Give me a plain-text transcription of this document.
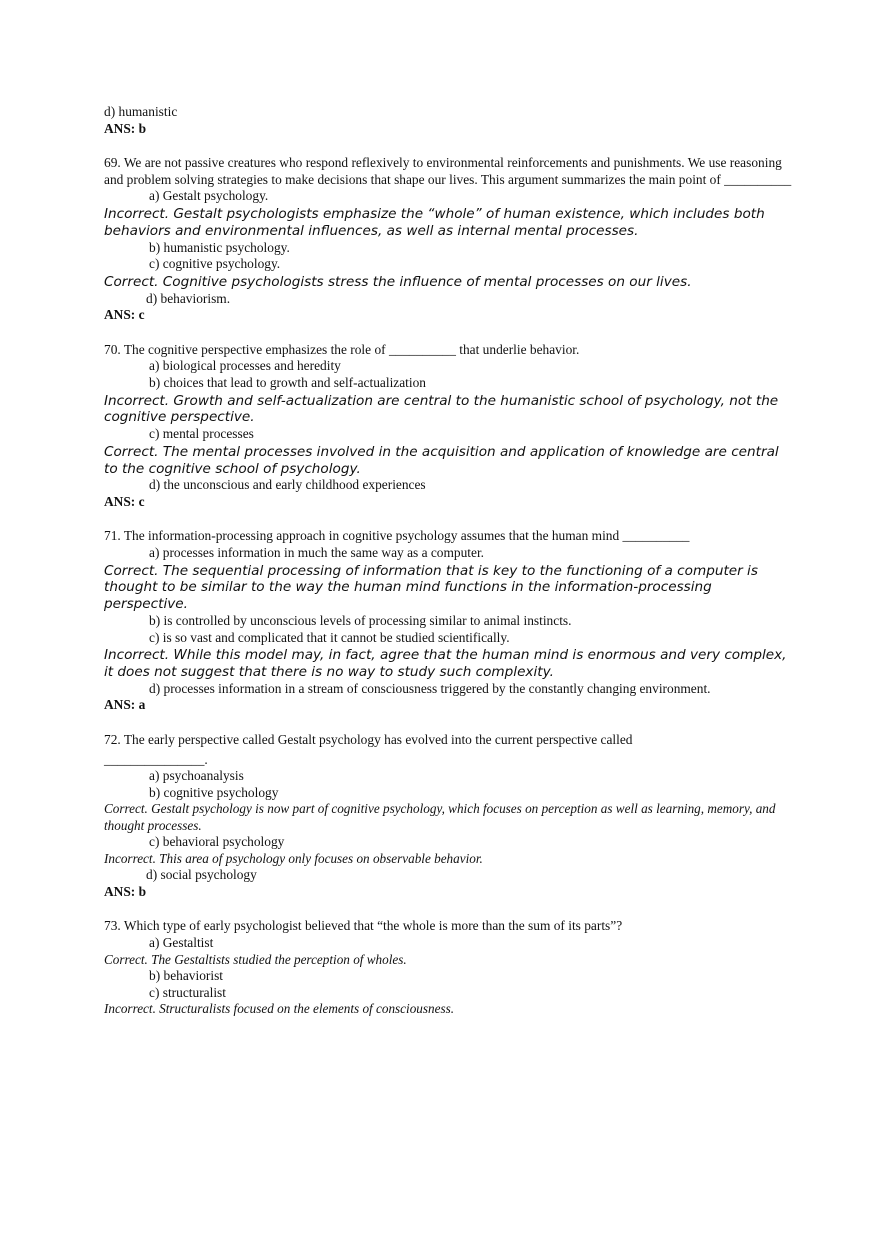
d) humanistic
ANS: b
69. We are not passive creatures who respond reflexively to environmental reinforcements and punishments. We use reasoning and problem solving strategies to make decisions that shape our lives. This argument summarizes the main point of __________
a) Gestalt psychology.
Incorrect. Gestalt psychologists emphasize the “whole” of human existence, which includes both behaviors and environmental influences, as well as internal mental processes.
b) humanistic psychology.
c) cognitive psychology.
Correct. Cognitive psychologists stress the influence of mental processes on our lives.
d) behaviorism.
ANS: c
70. The cognitive perspective emphasizes the role of __________ that underlie behavior.
a) biological processes and heredity
b) choices that lead to growth and self-actualization
Incorrect. Growth and self-actualization are central to the humanistic school of psychology, not the cognitive perspective.
c) mental processes
Correct. The mental processes involved in the acquisition and application of knowledge are central to the cognitive school of psychology.
d) the unconscious and early childhood experiences
ANS: c
71. The information-processing approach in cognitive psychology assumes that the human mind __________
a) processes information in much the same way as a computer.
Correct. The sequential processing of information that is key to the functioning of a computer is thought to be similar to the way the human mind functions in the information-processing perspective.
b) is controlled by unconscious levels of processing similar to animal instincts.
c) is so vast and complicated that it cannot be studied scientifically.
Incorrect. While this model may, in fact, agree that the human mind is enormous and very complex, it does not suggest that there is no way to study such complexity.
d) processes information in a stream of consciousness triggered by the constantly changing environment.
ANS: a
72. The early perspective called Gestalt psychology has evolved into the current perspective called
_______________.
a) psychoanalysis
b) cognitive psychology
Correct. Gestalt psychology is now part of cognitive psychology, which focuses on perception as well as learning, memory, and thought processes.
c) behavioral psychology
Incorrect. This area of psychology only focuses on observable behavior.
d) social psychology
ANS: b
73. Which type of early psychologist believed that “the whole is more than the sum of its parts”?
a) Gestaltist
Correct. The Gestaltists studied the perception of wholes.
b) behaviorist
c) structuralist
Incorrect. Structuralists focused on the elements of consciousness.
